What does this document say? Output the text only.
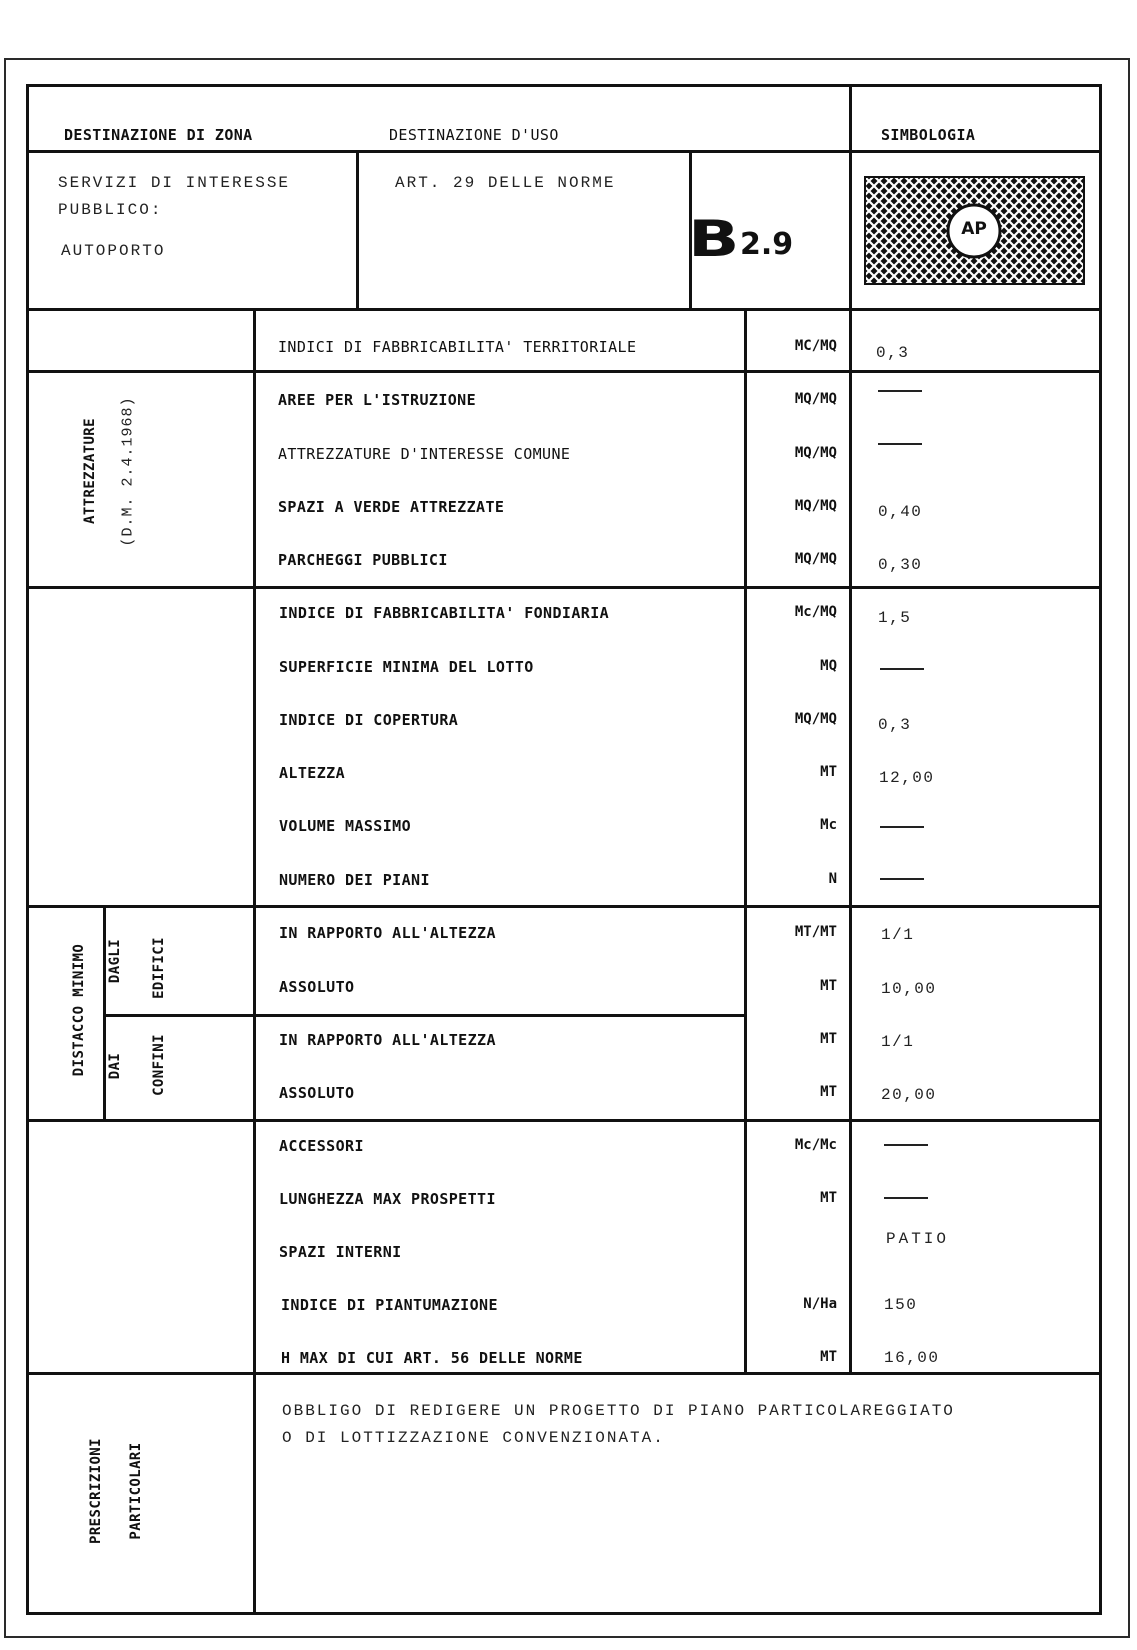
DESTINAZIONE DI ZONA	DESTINAZIONE D'USO	SIMBOLOGIA
SERVIZI DI INTERESSE
PUBBLICO:
AUTOPORTO
ART. 29 DELLE NORME
B 2.9	AP
INDICI DI FABBRICABILITA' TERRITORIALE	MC/MQ 0,3
ATTREZZATURE (D.M. 2.4.1968)	AREE PER L'ISTRUZIONE	MQ/MQ
ATTREZZATURE D'INTERESSE COMUNE	MQ/MQ
SPAZI A VERDE ATTREZZATE	MQ/MQ	0,40
PARCHEGGI PUBBLICI	MQ/MQ	0,30
INDICE DI FABBRICABILITA' FONDIARIA	Mc/MQ	1,5
SUPERFICIE MINIMA DEL LOTTO	MQ
INDICE DI COPERTURA	MQ/MQ	0,3
ALTEZZA	MT	12,00
VOLUME MASSIMO	Mc
NUMERO DEI PIANI	N
DISTACCO MINIMO DAGLI EDIFICI
DAI CONFINI
IN RAPPORTO ALL'ALTEZZA	MT/MT	1/1
ASSOLUTO	MT	10,00
IN RAPPORTO ALL'ALTEZZA	MT	1/1
ASSOLUTO	MT	20,00
ACCESSORI	Mc/Mc
LUNGHEZZA MAX PROSPETTI	MT
SPAZI INTERNI
PATIO
INDICE DI PIANTUMAZIONE	N/Ha	150
H MAX DI CUI ART. 56 DELLE NORME	MT	16,00
PRESCRIZIONI PARTICOLARI
OBBLIGO DI REDIGERE UN PROGETTO DI PIANO PARTICOLAREGGIATO
O DI LOTTIZZAZIONE CONVENZIONATA.
